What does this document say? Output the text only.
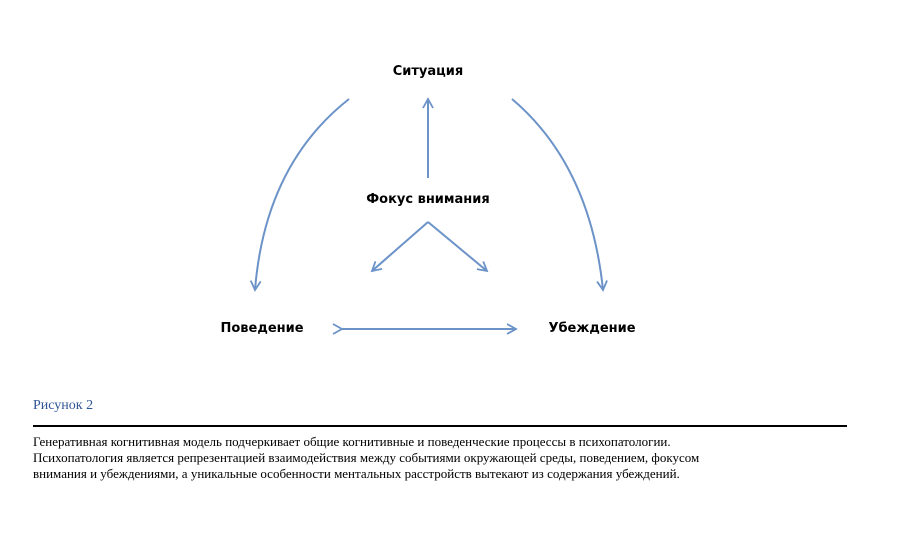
Ситуация
Фокус внимания
Поведение	Убеждение
Рисунок 2

Генеративная когнитивная модель подчеркивает общие когнитивные и поведенческие процессы в психопатологии.

Психопатология является репрезентацией взаимодействия между событиями окружающей среды, поведением, фокусом

внимания и убеждениями, а уникальные особенности ментальных расстройств вытекают из содержания убеждений.
